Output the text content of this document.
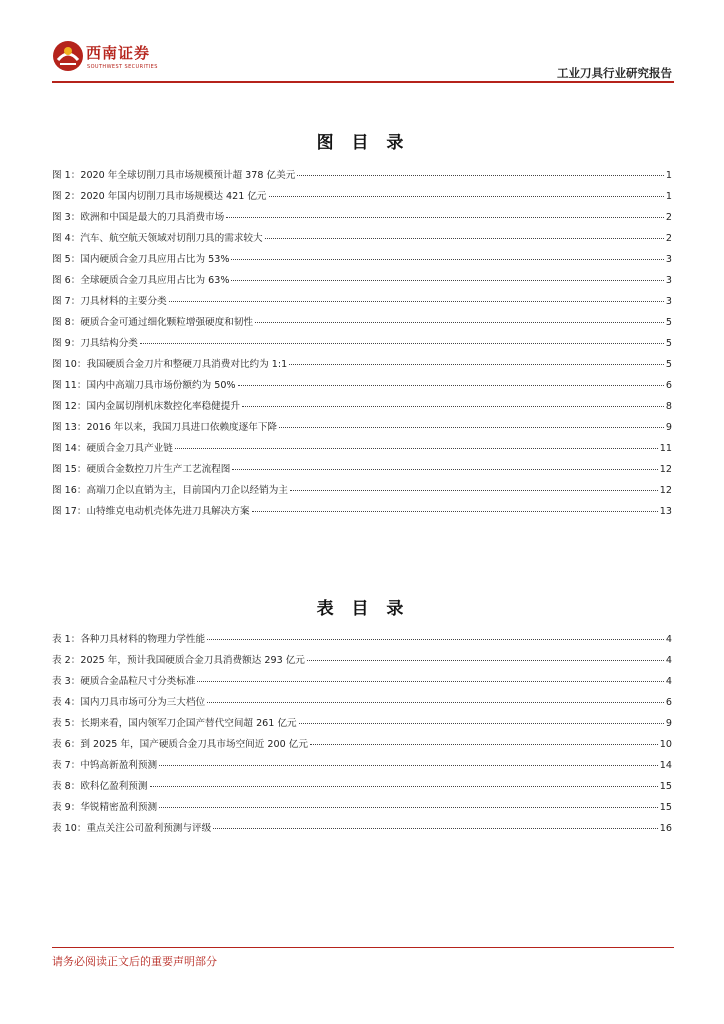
西南证券
SOUTHWEST SECURITIES	工业刀具行业研究报告
图 目 录
图 1：2020 年全球切削刀具市场规模预计超 378 亿美元	1
图 2：2020 年国内切削刀具市场规模达 421 亿元	1
图 3：欧洲和中国是最大的刀具消费市场	2
图 4：汽车、航空航天领域对切削刀具的需求较大	2
图 5：国内硬质合金刀具应用占比为 53%	3
图 6：全球硬质合金刀具应用占比为 63%	3
图 7：刀具材料的主要分类	3
图 8：硬质合金可通过细化颗粒增强硬度和韧性	5
图 9：刀具结构分类	5
图 10：我国硬质合金刀片和整硬刀具消费对比约为 1:1	5
图 11：国内中高端刀具市场份额约为 50%	6
图 12：国内金属切削机床数控化率稳健提升	8
图 13：2016 年以来，我国刀具进口依赖度逐年下降	9
图 14：硬质合金刀具产业链	11
图 15：硬质合金数控刀片生产工艺流程图	12
图 16：高端刀企以直销为主，目前国内刀企以经销为主	12
图 17：山特维克电动机壳体先进刀具解决方案	13
表 目 录
表 1：各种刀具材料的物理力学性能	4
表 2：2025 年，预计我国硬质合金刀具消费额达 293 亿元	4
表 3：硬质合金晶粒尺寸分类标准	4
表 4：国内刀具市场可分为三大档位	6
表 5：长期来看，国内领军刀企国产替代空间超 261 亿元	9
表 6：到 2025 年，国产硬质合金刀具市场空间近 200 亿元	10
表 7：中钨高新盈利预测	14
表 8：欧科亿盈利预测	15
表 9：华锐精密盈利预测	15
表 10：重点关注公司盈利预测与评级	16
请务必阅读正文后的重要声明部分
